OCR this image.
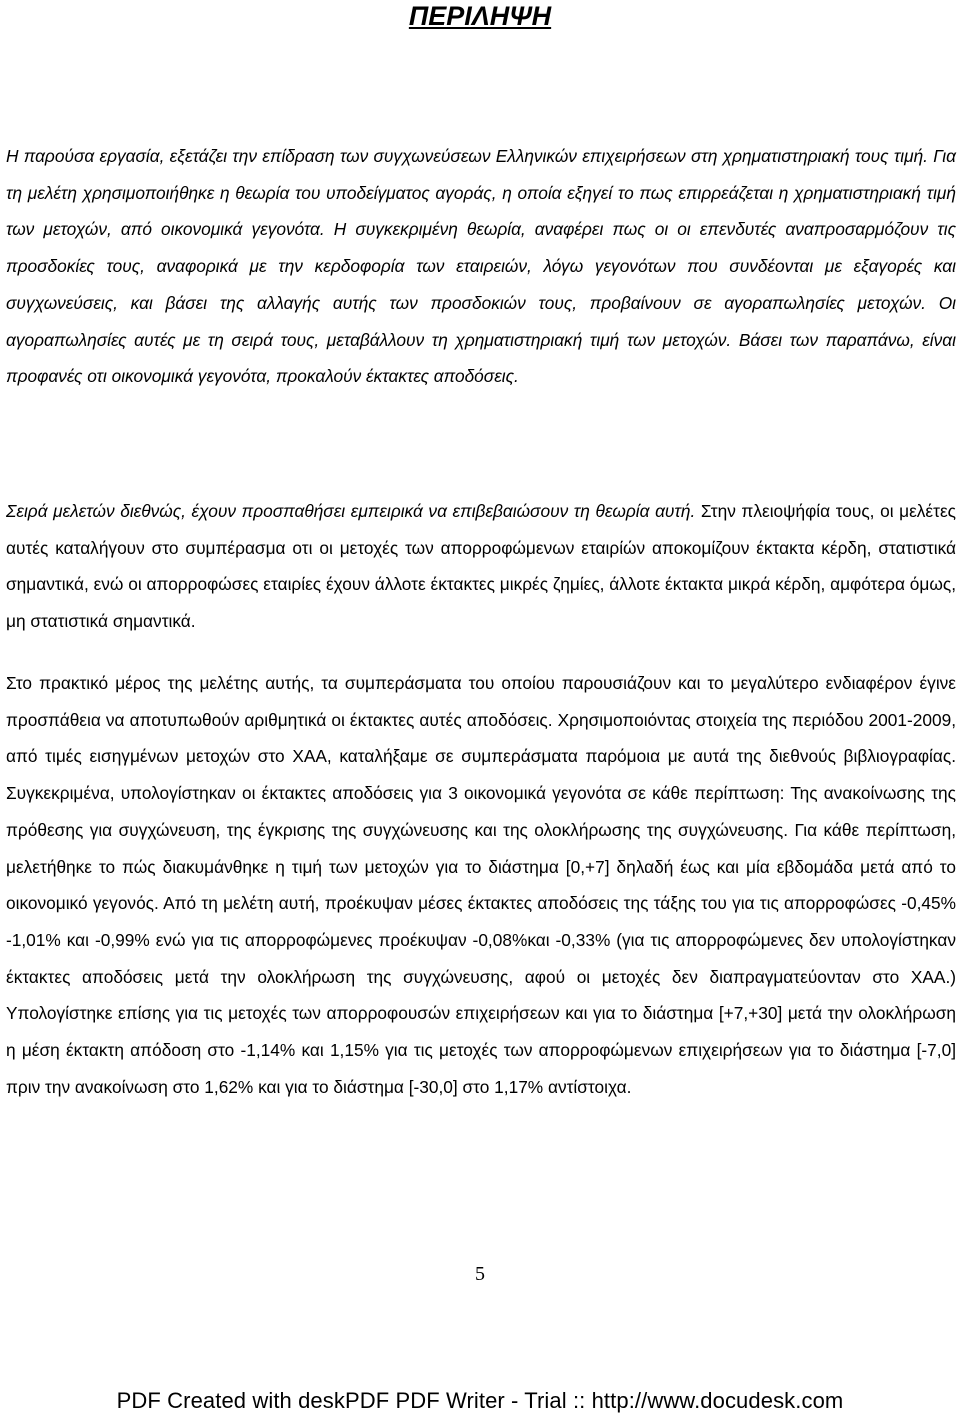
ΠΕΡΙΛΗΨΗ

Η παρούσα εργασία, εξετάζει την επίδραση των συγχωνεύσεων Ελληνικών επιχειρήσεων στη χρηματιστηριακή τους τιμή. Για τη μελέτη χρησιμοποιήθηκε η θεωρία του υποδείγματος αγοράς, η οποία εξηγεί το πως επιρρεάζεται η χρηματιστηριακή τιμή των μετοχών, από οικονομικά γεγονότα. Η συγκεκριμένη θεωρία, αναφέρει πως οι οι επενδυτές αναπροσαρμόζουν τις προσδοκίες τους, αναφορικά με την κερδοφορία των εταιρειών, λόγω γεγονότων που συνδέονται με εξαγορές και συγχωνεύσεις, και βάσει της αλλαγής αυτής των προσδοκιών τους, προβαίνουν σε αγοραπωλησίες μετοχών. Οι αγοραπωλησίες αυτές με τη σειρά τους, μεταβάλλουν τη χρηματιστηριακή τιμή των μετοχών. Βάσει των παραπάνω, είναι προφανές οτι οικονομικά γεγονότα, προκαλούν έκτακτες αποδόσεις.

Σειρά μελετών διεθνώς, έχουν προσπαθήσει εμπειρικά να επιβεβαιώσουν τη θεωρία αυτή. Στην πλειοψήφία τους, οι μελέτες αυτές καταλήγουν στο συμπέρασμα οτι οι μετοχές των απορροφώμενων εταιρίών αποκομίζουν έκτακτα κέρδη, στατιστικά σημαντικά, ενώ οι απορροφώσες εταιρίες έχουν άλλοτε έκτακτες μικρές ζημίες, άλλοτε έκτακτα μικρά κέρδη, αμφότερα όμως, μη στατιστικά σημαντικά.

Στο πρακτικό μέρος της μελέτης αυτής, τα συμπεράσματα του οποίου παρουσιάζουν και το μεγαλύτερο ενδιαφέρον έγινε προσπάθεια να αποτυπωθούν αριθμητικά οι έκτακτες αυτές αποδόσεις. Χρησιμοποιόντας στοιχεία της περιόδου 2001-2009, από τιμές εισηγμένων μετοχών στο ΧΑΑ, καταλήξαμε σε συμπεράσματα παρόμοια με αυτά της διεθνούς βιβλιογραφίας. Συγκεκριμένα, υπολογίστηκαν οι έκτακτες αποδόσεις για 3 οικονομικά γεγονότα σε κάθε περίπτωση: Της ανακοίνωσης της πρόθεσης για συγχώνευση, της έγκρισης της συγχώνευσης και της ολοκλήρωσης της συγχώνευσης. Για κάθε περίπτωση, μελετήθηκε το πώς διακυμάνθηκε η τιμή των μετοχών για το διάστημα [0,+7] δηλαδή έως και μία εβδομάδα μετά από το οικονομικό γεγονός. Από τη μελέτη αυτή, προέκυψαν μέσες έκτακτες αποδόσεις της τάξης του για τις απορροφώσες -0,45% -1,01% και -0,99% ενώ για τις απορροφώμενες προέκυψαν -0,08%και -0,33% (για τις απορροφώμενες δεν υπολογίστηκαν έκτακτες αποδόσεις μετά την ολοκλήρωση της συγχώνευσης, αφού οι μετοχές δεν διαπραγματεύονταν στο ΧΑΑ.) Υπολογίστηκε επίσης για τις μετοχές των απορροφουσών επιχειρήσεων και για το διάστημα [+7,+30] μετά την ολοκλήρωση η μέση έκτακτη απόδοση στο -1,14% και 1,15% για τις μετοχές των απορροφώμενων επιχειρήσεων για το διάστημα [-7,0] πριν την ανακοίνωση στο 1,62% και για το διάστημα [-30,0] στο 1,17% αντίστοιχα.

5
PDF Created with deskPDF PDF Writer - Trial :: http://www.docudesk.com
